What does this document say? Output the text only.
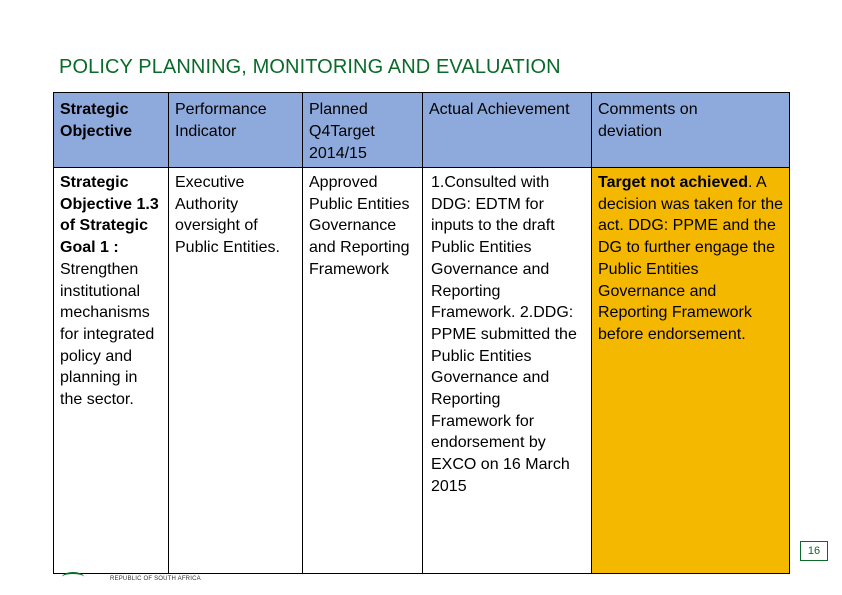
POLICY PLANNING, MONITORING AND EVALUATION
Strategic Objective
Strategic Objective 1.3 of Strategic Goal 1 : Strengthen institutional mechanisms for integrated policy and planning in the sector.
Performance Indicator
Executive Authority oversight of Public Entities.
Planned Q4Target 2014/15
Approved Public Entities Governance and Reporting Framework
Actual Achievement
1.Consulted with DDG: EDTM for inputs to the draft Public Entities Governance and Reporting Framework. 2.DDG: PPME submitted the Public Entities Governance and Reporting Framework for endorsement by EXCO on 16 March 2015
Comments on deviation
Target not achieved. A decision was taken for the act. DDG: PPME and the DG to further engage the Public Entities Governance and Reporting Framework before endorsement.
16
REPUBLIC OF SOUTH AFRICA
